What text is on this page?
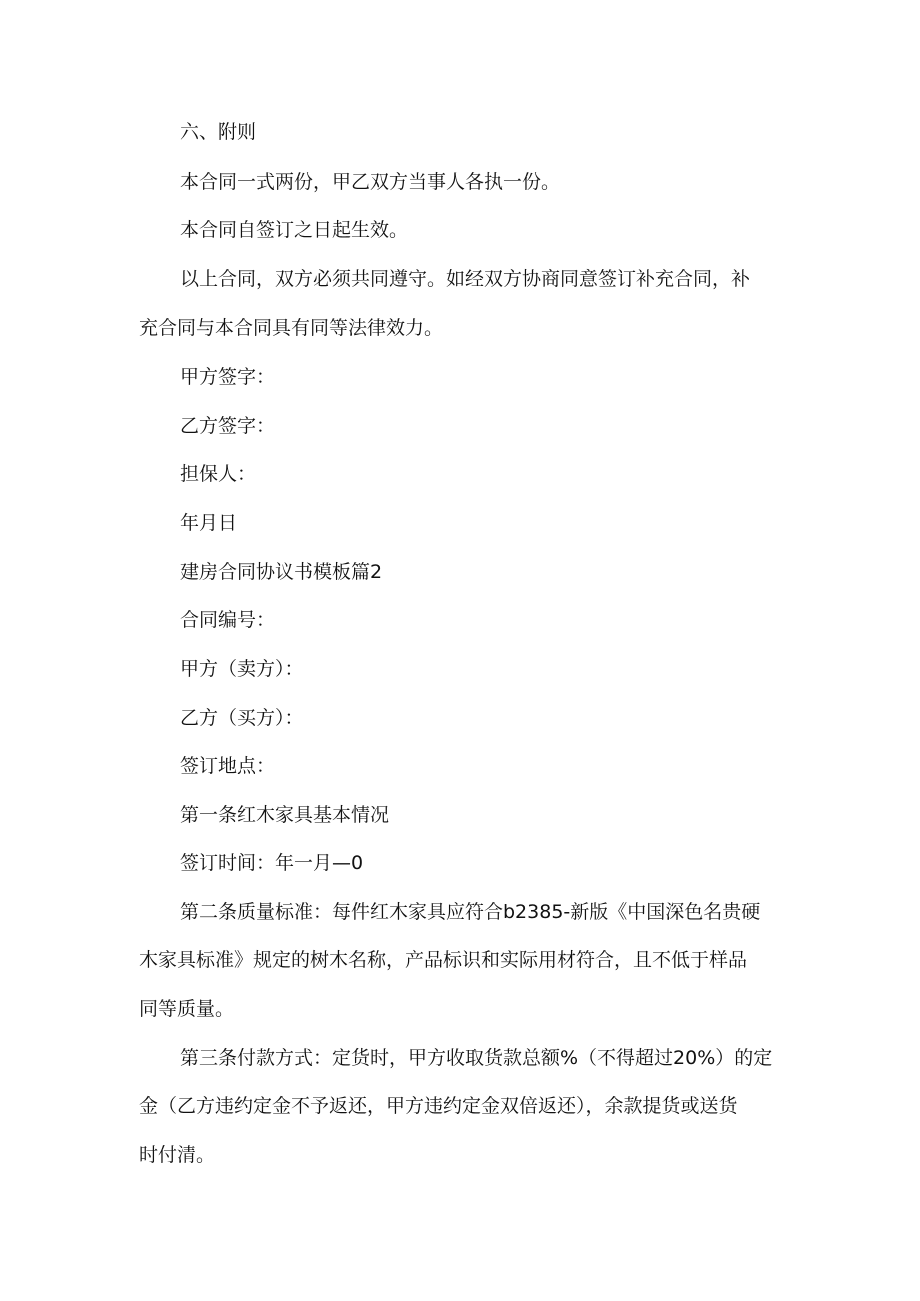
六、附则
本合同一式两份，甲乙双方当事人各执一份。
本合同自签订之日起生效。
以上合同，双方必须共同遵守。如经双方协商同意签订补充合同，补
充合同与本合同具有同等法律效力。
甲方签字：
乙方签字：
担保人：
年月日
建房合同协议书模板篇2
合同编号：
甲方（卖方）：
乙方（买方）：
签订地点：
第一条红木家具基本情况
签订时间：年一月—0
第二条质量标准：每件红木家具应符合b2385-新版《中国深色名贵硬
木家具标准》规定的树木名称，产品标识和实际用材符合，且不低于样品
同等质量。
第三条付款方式：定货时，甲方收取货款总额%（不得超过20%）的定
金（乙方违约定金不予返还，甲方违约定金双倍返还），余款提货或送货
时付清。
